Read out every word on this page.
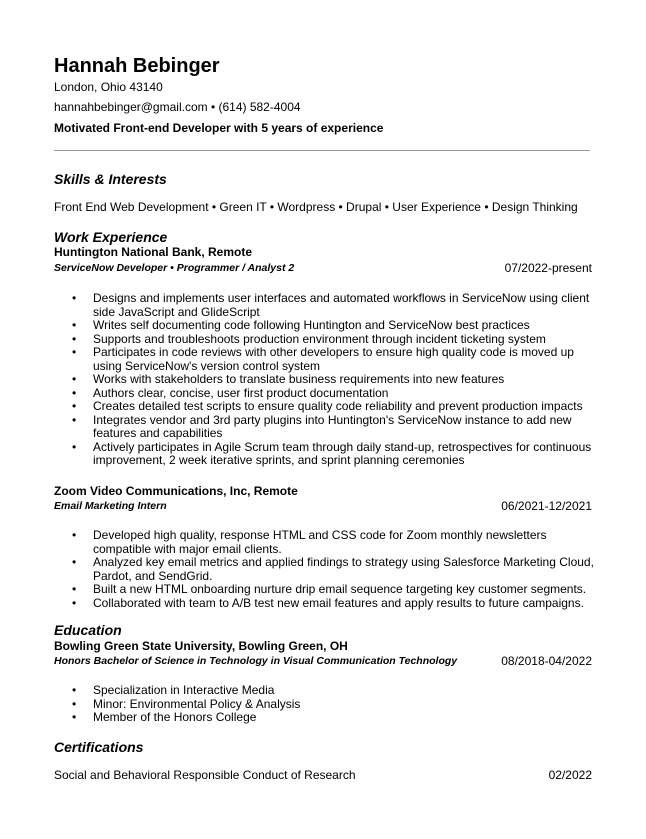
Hannah Bebinger
London, Ohio 43140
hannahbebinger@gmail.com • (614) 582-4004
Motivated Front-end Developer with 5 years of experience
Skills & Interests
Front End Web Development • Green IT • Wordpress • Drupal • User Experience • Design Thinking
Work Experience
Huntington National Bank, Remote
ServiceNow Developer • Programmer / Analyst 2	07/2022-present
• Designs and implements user interfaces and automated workflows in ServiceNow using client side JavaScript and GlideScript
• Writes self documenting code following Huntington and ServiceNow best practices
• Supports and troubleshoots production environment through incident ticketing system
• Participates in code reviews with other developers to ensure high quality code is moved up using ServiceNow's version control system
• Works with stakeholders to translate business requirements into new features
• Authors clear, concise, user first product documentation
• Creates detailed test scripts to ensure quality code reliability and prevent production impacts
• Integrates vendor and 3rd party plugins into Huntington's ServiceNow instance to add new features and capabilities
• Actively participates in Agile Scrum team through daily stand-up, retrospectives for continuous improvement, 2 week iterative sprints, and sprint planning ceremonies
Zoom Video Communications, Inc, Remote
Email Marketing Intern	06/2021-12/2021
• Developed high quality, response HTML and CSS code for Zoom monthly newsletters compatible with major email clients.
• Analyzed key email metrics and applied findings to strategy using Salesforce Marketing Cloud, Pardot, and SendGrid.
• Built a new HTML onboarding nurture drip email sequence targeting key customer segments.
• Collaborated with team to A/B test new email features and apply results to future campaigns.
Education
Bowling Green State University, Bowling Green, OH
Honors Bachelor of Science in Technology in Visual Communication Technology	08/2018-04/2022
• Specialization in Interactive Media
• Minor: Environmental Policy & Analysis
• Member of the Honors College
Certifications
Social and Behavioral Responsible Conduct of Research	02/2022
